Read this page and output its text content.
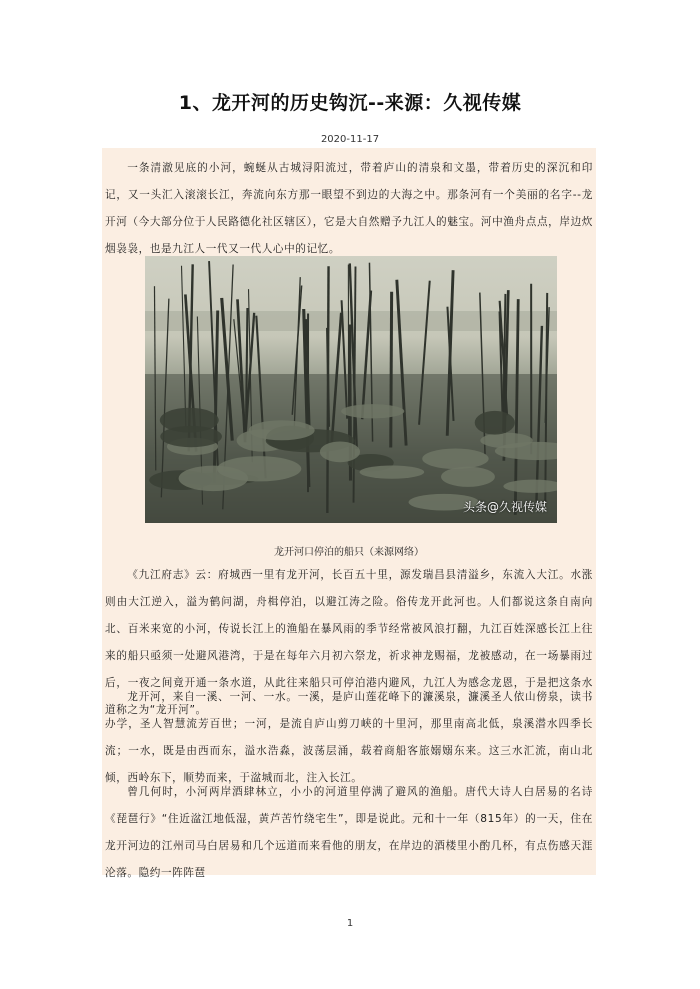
1、龙开河的历史钩沉--来源：久视传媒
2020-11-17

一条清澈见底的小河，蜿蜒从古城浔阳流过，带着庐山的清泉和文墨，带着历史的深沉和印记，又一头汇入滚滚长江，奔流向东方那一眼望不到边的大海之中。那条河有一个美丽的名字--龙开河（今大部分位于人民路德化社区辖区），它是大自然赠予九江人的魅宝。河中渔舟点点，岸边炊烟袅袅，也是九江人一代又一代人心中的记忆。

头条@久视传媒
龙开河口停泊的船只（来源网络）

《九江府志》云：府城西一里有龙开河，长百五十里，源发瑞昌县清溢乡，东流入大江。水涨则由大江逆入，溢为鹤问湖，舟楫停泊，以避江涛之险。俗传龙开此河也。人们都说这条自南向北、百米来宽的小河，传说长江上的渔船在暴风雨的季节经常被风浪打翻，九江百姓深感长江上往来的船只亟须一处避风港湾，于是在每年六月初六祭龙，祈求神龙赐福，龙被感动，在一场暴雨过后，一夜之间竟开通一条水道，从此往来船只可停泊港内避风，九江人为感念龙恩，于是把这条水道称之为“龙开河”。

龙开河，来自一溪、一河、一水。一溪，是庐山莲花峰下的濂溪泉，濂溪圣人依山傍泉，读书办学，圣人智慧流芳百世；一河，是流自庐山剪刀峡的十里河，那里南高北低，泉溪潜水四季长流；一水，既是由西而东，溢水浩淼，波荡层涌，载着商船客旅嫋嫋东来。这三水汇流，南山北倾，西岭东下，顺势而来，于湓城而北，注入长江。

曾几何时，小河两岸酒肆林立，小小的河道里停满了避风的渔船。唐代大诗人白居易的名诗《琵琶行》“住近湓江地低湿，黄芦苦竹绕宅生”，即是说此。元和十一年（815年）的一天，住在龙开河边的江州司马白居易和几个远道而来看他的朋友，在岸边的酒楼里小酌几杯，有点伤感天涯沦落。隐约一阵阵琶

1
